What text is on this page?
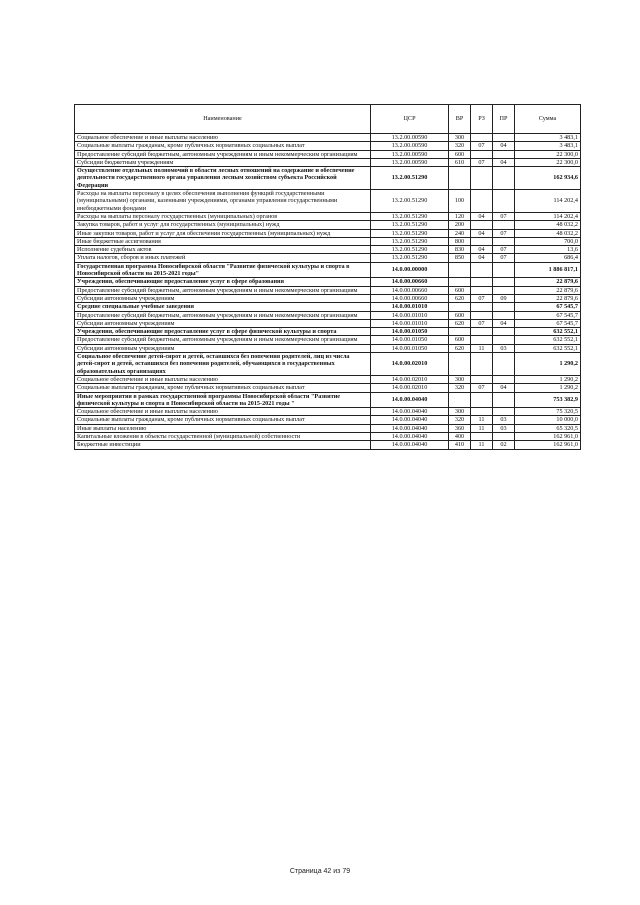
Наименование	ЦСР	ВР	РЗ	ПР	Сумма
Социальное обеспечение и иные выплаты населению	13.2.00.00590	300			3 483,1
Социальные выплаты гражданам, кроме публичных нормативных социальных выплат	13.2.00.00590	320	07	04	3 483,1
Предоставление субсидий бюджетным, автономным учреждениям и иным некоммерческим организациям	13.2.00.00590	600			22 300,0
Субсидии бюджетным учреждениям	13.2.00.00590	610	07	04	22 300,0
Осуществление отдельных полномочий в области лесных отношений на содержание и обеспечение деятельности государственного органа управления лесным хозяйством субъекта Российской Федерации	13.2.00.51290				162 934,6
Расходы на выплаты персоналу в целях обеспечения выполнения функций государственными (муниципальными) органами, казенными учреждениями, органами управления государственными внебюджетными фондами	13.2.00.51290	100			114 202,4
Расходы на выплаты персоналу государственных (муниципальных) органов	13.2.00.51290	120	04	07	114 202,4
Закупка товаров, работ и услуг для государственных (муниципальных) нужд	13.2.00.51290	200			48 032,2
Иные закупки товаров, работ и услуг для обеспечения государственных (муниципальных) нужд	13.2.00.51290	240	04	07	48 032,2
Иные бюджетные ассигнования	13.2.00.51290	800			700,0
Исполнение судебных актов	13.2.00.51290	830	04	07	13,6
Уплата налогов, сборов и иных платежей	13.2.00.51290	850	04	07	686,4
Государственная программа Новосибирской области "Развитие физической культуры и спорта в Новосибирской области на 2015-2021 годы"	14.0.00.00000				1 886 817,1
Учреждения, обеспечивающие предоставление услуг в сфере образования	14.0.00.00660				22 879,6
Предоставление субсидий бюджетным, автономным учреждениям и иным некоммерческим организациям	14.0.00.00660	600			22 879,6
Субсидии автономным учреждениям	14.0.00.00660	620	07	09	22 879,6
Средние специальные учебные заведения	14.0.00.01010				67 545,7
Предоставление субсидий бюджетным, автономным учреждениям и иным некоммерческим организациям	14.0.00.01010	600			67 545,7
Субсидии автономным учреждениям	14.0.00.01010	620	07	04	67 545,7
Учреждения, обеспечивающие предоставление услуг в сфере физической культуры и спорта	14.0.00.01050				632 552,1
Предоставление субсидий бюджетным, автономным учреждениям и иным некоммерческим организациям	14.0.00.01050	600			632 552,1
Субсидии автономным учреждениям	14.0.00.01050	620	11	03	632 552,1
Социальное обеспечение детей-сирот и детей, оставшихся без попечения родителей, лиц из числа детей-сирот и детей, оставшихся без попечения родителей, обучающихся в государственных образовательных организациях	14.0.00.02010				1 290,2
Социальное обеспечение и иные выплаты населению	14.0.00.02010	300			1 290,2
Социальные выплаты гражданам, кроме публичных нормативных социальных выплат	14.0.00.02010	320	07	04	1 290,2
Иные мероприятия в рамках государственной программы Новосибирской области "Развитие физической культуры и спорта в Новосибирской области на 2015-2021 годы "	14.0.00.04040				753 382,9
Социальное обеспечение и иные выплаты населению	14.0.00.04040	300			75 320,5
Социальные выплаты гражданам, кроме публичных нормативных социальных выплат	14.0.00.04040	320	11	03	10 000,0
Иные выплаты населению	14.0.00.04040	360	11	03	65 320,5
Капитальные вложения в объекты государственной (муниципальной) собственности	14.0.00.04040	400			162 961,0
Бюджетные инвестиции	14.0.00.04040	410	11	02	162 961,0
Страница 42 из 79
